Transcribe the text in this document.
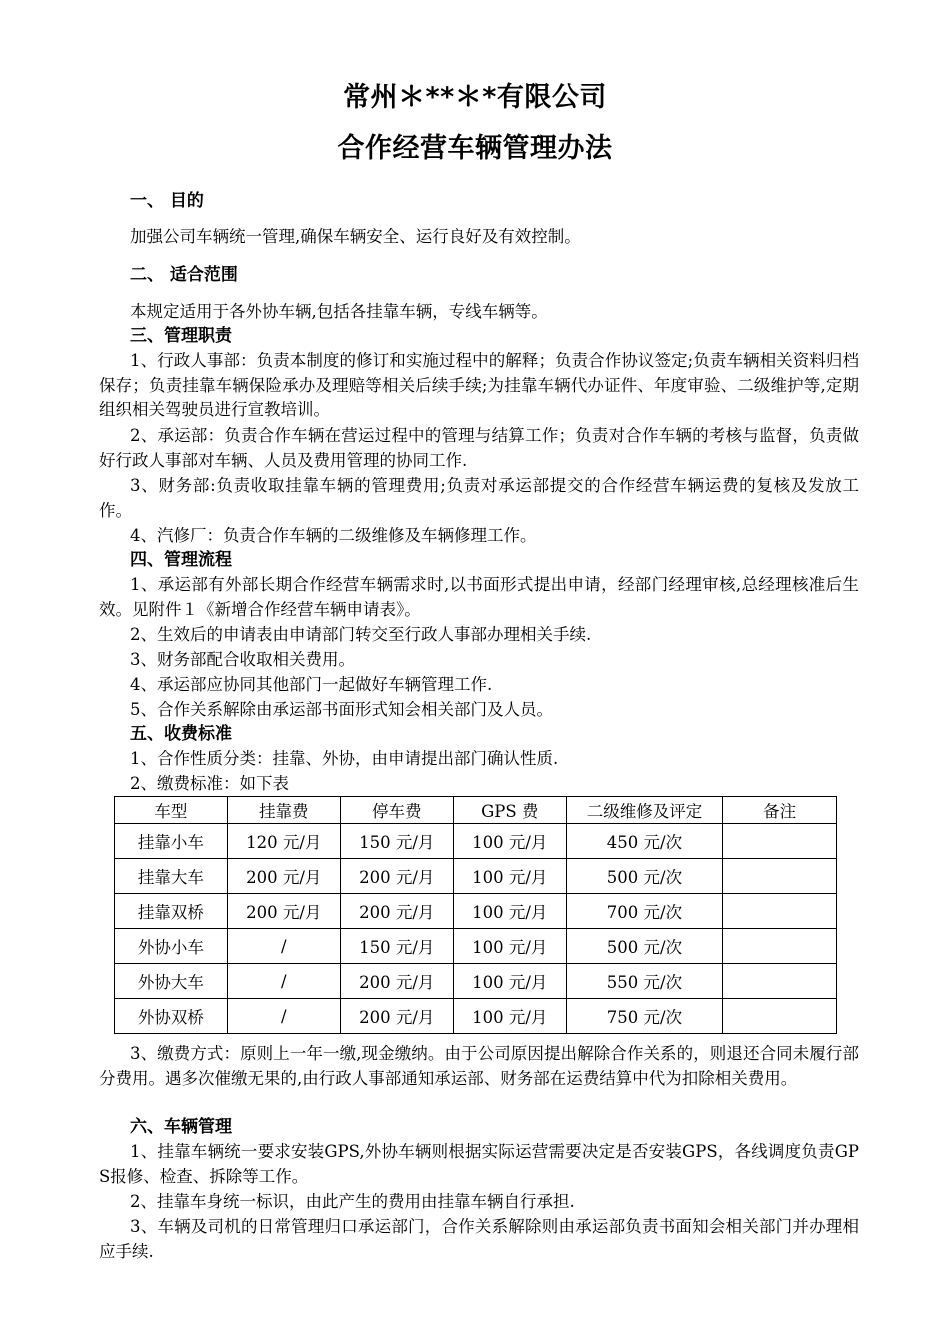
常州＊**＊*有限公司
合作经营车辆管理办法
一、 目的
加强公司车辆统一管理,确保车辆安全、运行良好及有效控制。
二、 适合范围
本规定适用于各外协车辆,包括各挂靠车辆，专线车辆等。
三、管理职责
1、行政人事部：负责本制度的修订和实施过程中的解释；负责合作协议签定;负责车辆相关资料归档保存；负责挂靠车辆保险承办及理赔等相关后续手续;为挂靠车辆代办证件、年度审验、二级维护等,定期组织相关驾驶员进行宣教培训。
2、承运部：负责合作车辆在营运过程中的管理与结算工作；负责对合作车辆的考核与监督，负责做好行政人事部对车辆、人员及费用管理的协同工作.
3、财务部:负责收取挂靠车辆的管理费用;负责对承运部提交的合作经营车辆运费的复核及发放工作。
4、汽修厂：负责合作车辆的二级维修及车辆修理工作。
四、管理流程
1、承运部有外部长期合作经营车辆需求时,以书面形式提出申请，经部门经理审核,总经理核准后生效。见附件１《新增合作经营车辆申请表》。
2、生效后的申请表由申请部门转交至行政人事部办理相关手续.
3、财务部配合收取相关费用。
4、承运部应协同其他部门一起做好车辆管理工作.
5、合作关系解除由承运部书面形式知会相关部门及人员。
五、收费标准
1、合作性质分类：挂靠、外协，由申请提出部门确认性质.
2、缴费标准：如下表
车型	挂靠费	停车费	GPS 费	二级维修及评定	备注
挂靠小车	120 元/月	150 元/月	100 元/月	450 元/次	
挂靠大车	200 元/月	200 元/月	100 元/月	500 元/次	
挂靠双桥	200 元/月	200 元/月	100 元/月	700 元/次	
外协小车	/	150 元/月	100 元/月	500 元/次	
外协大车	/	200 元/月	100 元/月	550 元/次	
外协双桥	/	200 元/月	100 元/月	750 元/次	
3、缴费方式：原则上一年一缴,现金缴纳。由于公司原因提出解除合作关系的，则退还合同未履行部分费用。遇多次催缴无果的,由行政人事部通知承运部、财务部在运费结算中代为扣除相关费用。
六、车辆管理
1、挂靠车辆统一要求安装GPS,外协车辆则根据实际运营需要决定是否安装GPS，各线调度负责GPS报修、检查、拆除等工作。
2、挂靠车身统一标识，由此产生的费用由挂靠车辆自行承担.
3、车辆及司机的日常管理归口承运部门，合作关系解除则由承运部负责书面知会相关部门并办理相应手续.
